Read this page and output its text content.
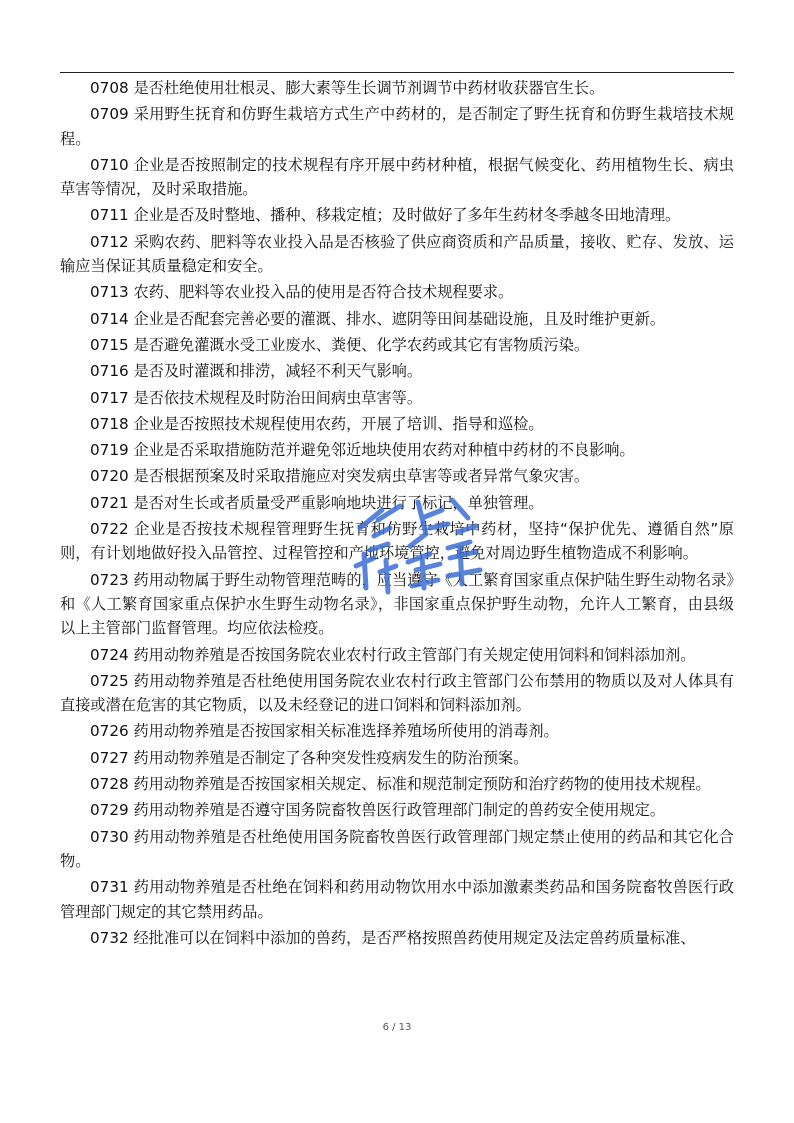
0708 是否杜绝使用壮根灵、膨大素等生长调节剂调节中药材收获器官生长。

0709 采用野生抚育和仿野生栽培方式生产中药材的，是否制定了野生抚育和仿野生栽培技术规程。

0710 企业是否按照制定的技术规程有序开展中药材种植，根据气候变化、药用植物生长、病虫草害等情况，及时采取措施。

0711 企业是否及时整地、播种、移栽定植；及时做好了多年生药材冬季越冬田地清理。

0712 采购农药、肥料等农业投入品是否核验了供应商资质和产品质量，接收、贮存、发放、运输应当保证其质量稳定和安全。

0713 农药、肥料等农业投入品的使用是否符合技术规程要求。

0714 企业是否配套完善必要的灌溉、排水、遮阴等田间基础设施，且及时维护更新。

0715 是否避免灌溉水受工业废水、粪便、化学农药或其它有害物质污染。

0716 是否及时灌溉和排涝，减轻不利天气影响。

0717 是否依技术规程及时防治田间病虫草害等。

0718 企业是否按照技术规程使用农药，开展了培训、指导和巡检。

0719 企业是否采取措施防范并避免邻近地块使用农药对种植中药材的不良影响。

0720 是否根据预案及时采取措施应对突发病虫草害等或者异常气象灾害。

0721 是否对生长或者质量受严重影响地块进行了标记，单独管理。

0722 企业是否按技术规程管理野生抚育和仿野生栽培中药材，坚持“保护优先、遵循自然”原则，有计划地做好投入品管控、过程管控和产地环境管控，避免对周边野生植物造成不利影响。

0723 药用动物属于野生动物管理范畴的，应当遵守《人工繁育国家重点保护陆生野生动物名录》和《人工繁育国家重点保护水生野生动物名录》，非国家重点保护野生动物，允许人工繁育，由县级以上主管部门监督管理。均应依法检疫。

0724 药用动物养殖是否按国务院农业农村行政主管部门有关规定使用饲料和饲料添加剂。

0725 药用动物养殖是否杜绝使用国务院农业农村行政主管部门公布禁用的物质以及对人体具有直接或潜在危害的其它物质，以及未经登记的进口饲料和饲料添加剂。

0726 药用动物养殖是否按国家相关标准选择养殖场所使用的消毒剂。

0727 药用动物养殖是否制定了各种突发性疫病发生的防治预案。

0728 药用动物养殖是否按国家相关规定、标准和规范制定预防和治疗药物的使用技术规程。

0729 药用动物养殖是否遵守国务院畜牧兽医行政管理部门制定的兽药安全使用规定。

0730 药用动物养殖是否杜绝使用国务院畜牧兽医行政管理部门规定禁止使用的药品和其它化合物。

0731 药用动物养殖是否杜绝在饲料和药用动物饮用水中添加激素类药品和国务院畜牧兽医行政管理部门规定的其它禁用药品。

0732 经批准可以在饲料中添加的兽药，是否严格按照兽药使用规定及法定兽药质量标准、

6 / 13
